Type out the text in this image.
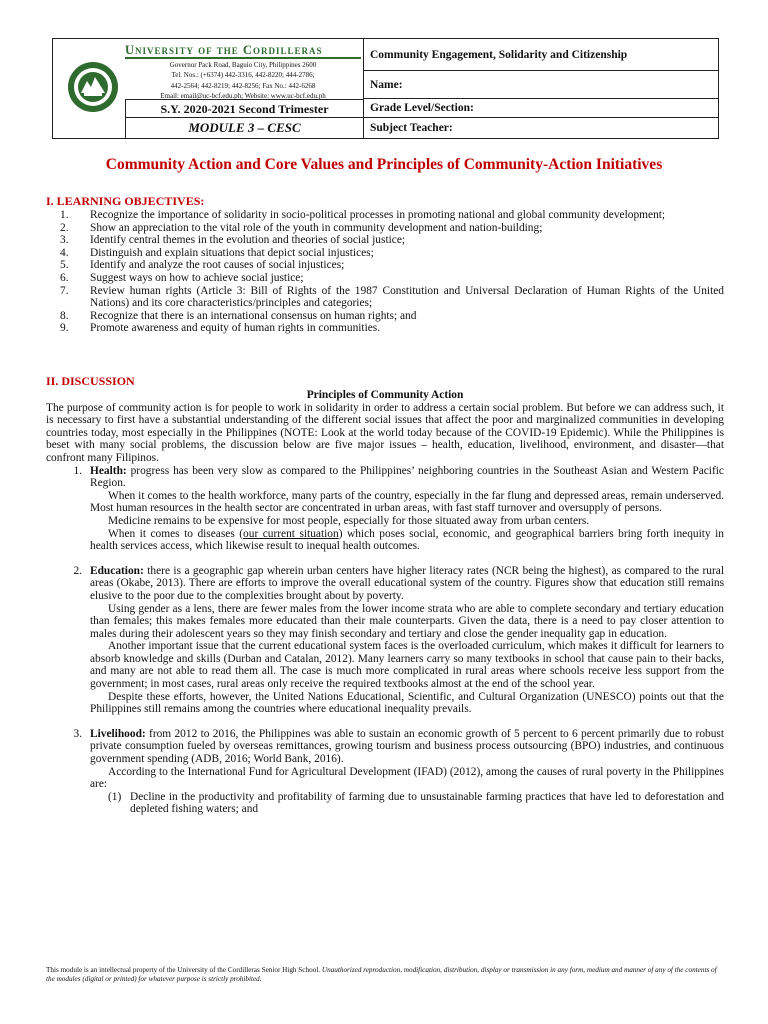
University of the Cordilleras
Governor Pack Road, Baguio City, Philippines 2600
Tel. Nos.: (+6374) 442-3316, 442-8220; 444-2786;
442-2564; 442-8219; 442-8256; Fax No.: 442-6268
Email: email@uc-bcf.edu.ph; Website: www.uc-bcf.edu.ph
S.Y. 2020-2021 Second Trimester
MODULE 3 – CESC
Community Engagement, Solidarity and Citizenship
Name:
Grade Level/Section:
Subject Teacher:
Community Action and Core Values and Principles of Community-Action Initiatives
I. LEARNING OBJECTIVES:
1.	Recognize the importance of solidarity in socio-political processes in promoting national and global community development;
2.	Show an appreciation to the vital role of the youth in community development and nation-building;
3.	Identify central themes in the evolution and theories of social justice;
4.	Distinguish and explain situations that depict social injustices;
5.	Identify and analyze the root causes of social injustices;
6.	Suggest ways on how to achieve social justice;
7.	Review human rights (Article 3: Bill of Rights of the 1987 Constitution and Universal Declaration of Human Rights of the United Nations) and its core characteristics/principles and categories;
8.	Recognize that there is an international consensus on human rights; and
9.	Promote awareness and equity of human rights in communities.
II. DISCUSSION
Principles of Community Action
The purpose of community action is for people to work in solidarity in order to address a certain social problem. But before we can address such, it is necessary to first have a substantial understanding of the different social issues that affect the poor and marginalized communities in developing countries today, most especially in the Philippines (NOTE: Look at the world today because of the COVID-19 Epidemic). While the Philippines is beset with many social problems, the discussion below are five major issues – health, education, livelihood, environment, and disaster—that confront many Filipinos.
1. Health: progress has been very slow as compared to the Philippines’ neighboring countries in the Southeast Asian and Western Pacific Region.
When it comes to the health workforce, many parts of the country, especially in the far flung and depressed areas, remain underserved. Most human resources in the health sector are concentrated in urban areas, with fast staff turnover and oversupply of persons.
Medicine remains to be expensive for most people, especially for those situated away from urban centers.
When it comes to diseases (our current situation) which poses social, economic, and geographical barriers bring forth inequity in health services access, which likewise result to inequal health outcomes.
2. Education: there is a geographic gap wherein urban centers have higher literacy rates (NCR being the highest), as compared to the rural areas (Okabe, 2013). There are efforts to improve the overall educational system of the country. Figures show that education still remains elusive to the poor due to the complexities brought about by poverty.
Using gender as a lens, there are fewer males from the lower income strata who are able to complete secondary and tertiary education than females; this makes females more educated than their male counterparts. Given the data, there is a need to pay closer attention to males during their adolescent years so they may finish secondary and tertiary and close the gender inequality gap in education.
Another important issue that the current educational system faces is the overloaded curriculum, which makes it difficult for learners to absorb knowledge and skills (Durban and Catalan, 2012). Many learners carry so many textbooks in school that cause pain to their backs, and many are not able to read them all. The case is much more complicated in rural areas where schools receive less support from the government; in most cases, rural areas only receive the required textbooks almost at the end of the school year.
Despite these efforts, however, the United Nations Educational, Scientific, and Cultural Organization (UNESCO) points out that the Philippines still remains among the countries where educational inequality prevails.
3. Livelihood: from 2012 to 2016, the Philippines was able to sustain an economic growth of 5 percent to 6 percent primarily due to robust private consumption fueled by overseas remittances, growing tourism and business process outsourcing (BPO) industries, and continuous government spending (ADB, 2016; World Bank, 2016).
According to the International Fund for Agricultural Development (IFAD) (2012), among the causes of rural poverty in the Philippines are:
(1) Decline in the productivity and profitability of farming due to unsustainable farming practices that have led to deforestation and depleted fishing waters; and
This module is an intellectual property of the University of the Cordilleras Senior High School. Unauthorized reproduction, modification, distribution, display or transmission in any form, medium and manner of any of the contents of the modules (digital or printed) for whatever purpose is strictly prohibited.
